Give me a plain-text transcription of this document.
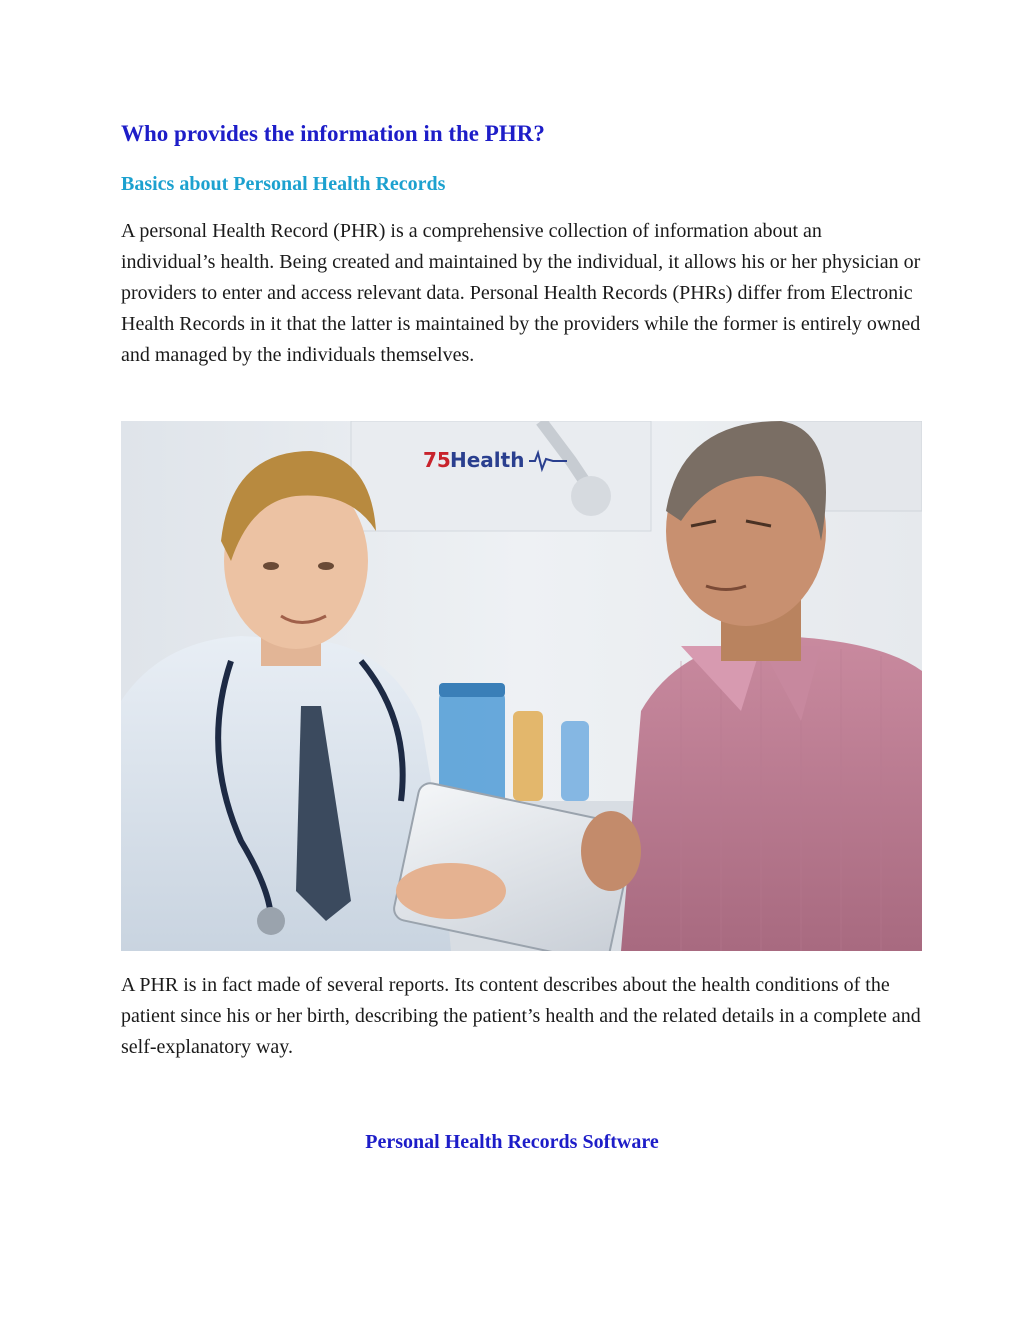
Who provides the information in the PHR?
Basics about Personal Health Records

A personal Health Record (PHR) is a comprehensive collection of information about an individual’s health. Being created and maintained by the individual, it allows his or her physician or providers to enter and access relevant data. Personal Health Records (PHRs) differ from Electronic Health Records in it that the latter is maintained by the providers while the former is entirely owned and managed by the individuals themselves.

75 Health

A PHR is in fact made of several reports. Its content describes about the health conditions of the patient since his or her birth, describing the patient’s health and the related details in a complete and self-explanatory way.

Personal Health Records Software
